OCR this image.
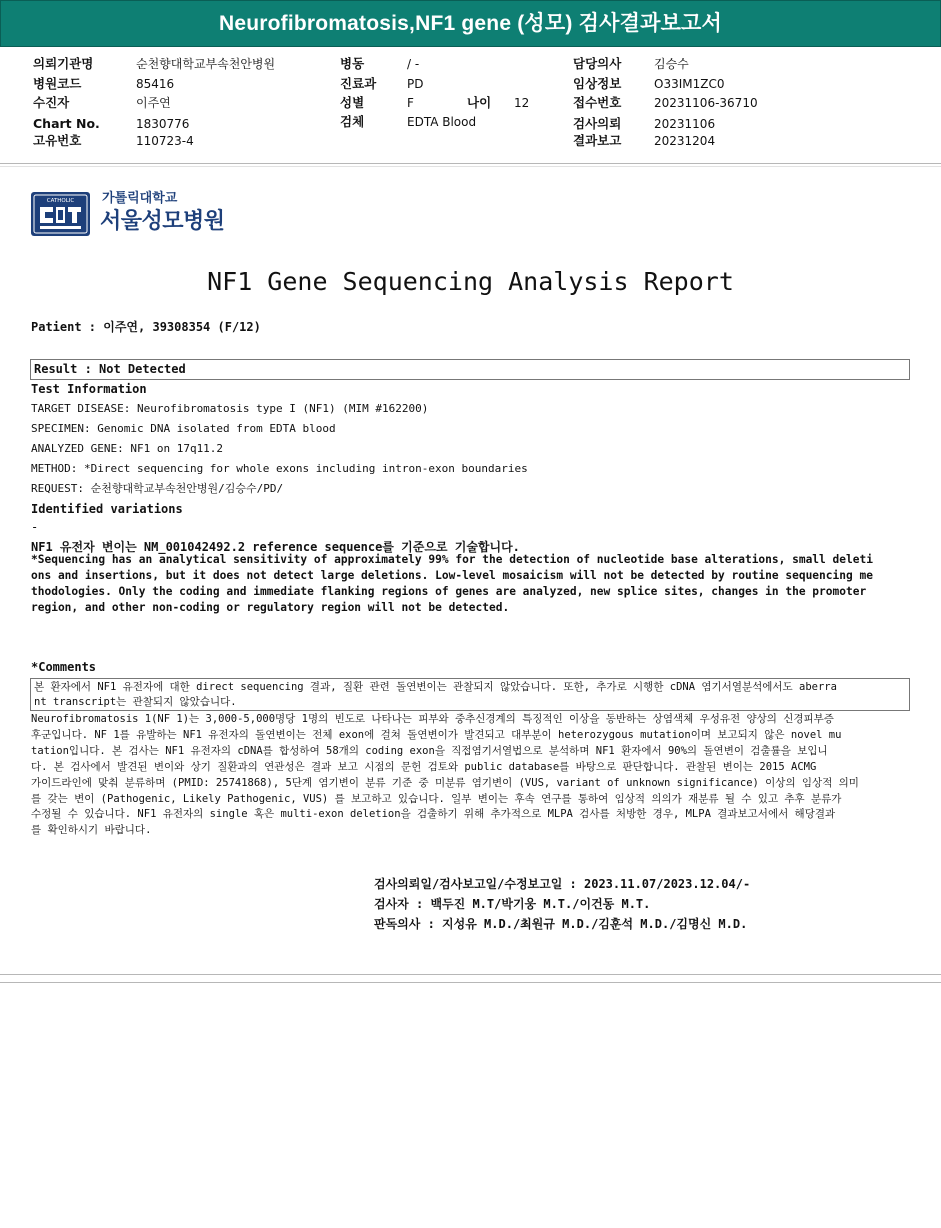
Neurofibromatosis,NF1 gene (성모) 검사결과보고서
의뢰기관명	순천향대학교부속천안병원
병원코드	85416
수진자	이주연
Chart No.	1830776
고유번호	110723-4
병동	/ -
진료과	PD
성별	F	나이 12
검체	EDTA Blood
담당의사	김승수
임상정보	O33IM1ZC0
접수번호	20231106-36710
검사의뢰	20231106
결과보고	20231204
CATHOLIC 가톨릭대학교
서울성모병원
NF1 Gene Sequencing Analysis Report
Patient : 이주연, 39308354 (F/12)
Result : Not Detected
Test Information
TARGET DISEASE: Neurofibromatosis type I (NF1) (MIM #162200)
SPECIMEN: Genomic DNA isolated from EDTA blood
ANALYZED GENE: NF1 on 17q11.2
METHOD: *Direct sequencing for whole exons including intron-exon boundaries
REQUEST: 순천향대학교부속천안병원/김승수/PD/
Identified variations
-
NF1 유전자 변이는 NM_001042492.2 reference sequence를 기준으로 기술합니다.
*Sequencing has an analytical sensitivity of approximately 99% for the detection of nucleotide base alterations, small deleti
ons and insertions, but it does not detect large deletions. Low-level mosaicism will not be detected by routine sequencing me
thodologies. Only the coding and immediate flanking regions of genes are analyzed, new splice sites, changes in the promoter
region, and other non-coding or regulatory region will not be detected.
*Comments
본 환자에서 NF1 유전자에 대한 direct sequencing 결과, 질환 관련 돌연변이는 관찰되지 않았습니다. 또한, 추가로 시행한 cDNA 염기서열분석에서도 aberra
nt transcript는 관찰되지 않았습니다.
Neurofibromatosis 1(NF 1)는 3,000-5,000명당 1명의 빈도로 나타나는 피부와 중추신경계의 특징적인 이상을 동반하는 상염색체 우성유전 양상의 신경피부증
후군입니다. NF 1를 유발하는 NF1 유전자의 돌연변이는 전체 exon에 걸쳐 돌연변이가 발견되고 대부분이 heterozygous mutation이며 보고되지 않은 novel mu
tation입니다. 본 검사는 NF1 유전자의 cDNA를 합성하여 58개의 coding exon을 직접염기서열법으로 분석하며 NF1 환자에서 90%의 돌연변이 검출률을 보입니
다. 본 검사에서 발견된 변이와 상기 질환과의 연관성은 결과 보고 시점의 문헌 검토와 public database를 바탕으로 판단합니다. 관찰된 변이는 2015 ACMG
가이드라인에 맞춰 분류하며 (PMID: 25741868), 5단계 염기변이 분류 기준 중 미분류 염기변이 (VUS, variant of unknown significance) 이상의 임상적 의미
를 갖는 변이 (Pathogenic, Likely Pathogenic, VUS) 를 보고하고 있습니다. 일부 변이는 후속 연구를 통하여 임상적 의의가 재분류 될 수 있고 추후 분류가
수정될 수 있습니다. NF1 유전자의 single 혹은 multi-exon deletion을 검출하기 위해 추가적으로 MLPA 검사를 처방한 경우, MLPA 결과보고서에서 해당결과
를 확인하시기 바랍니다.
검사의뢰일/검사보고일/수정보고일 : 2023.11.07/2023.12.04/-
검사자 : 백두진 M.T/박기웅 M.T./이건동 M.T.
판독의사 : 지성유 M.D./최원규 M.D./김훈석 M.D./김명신 M.D.
